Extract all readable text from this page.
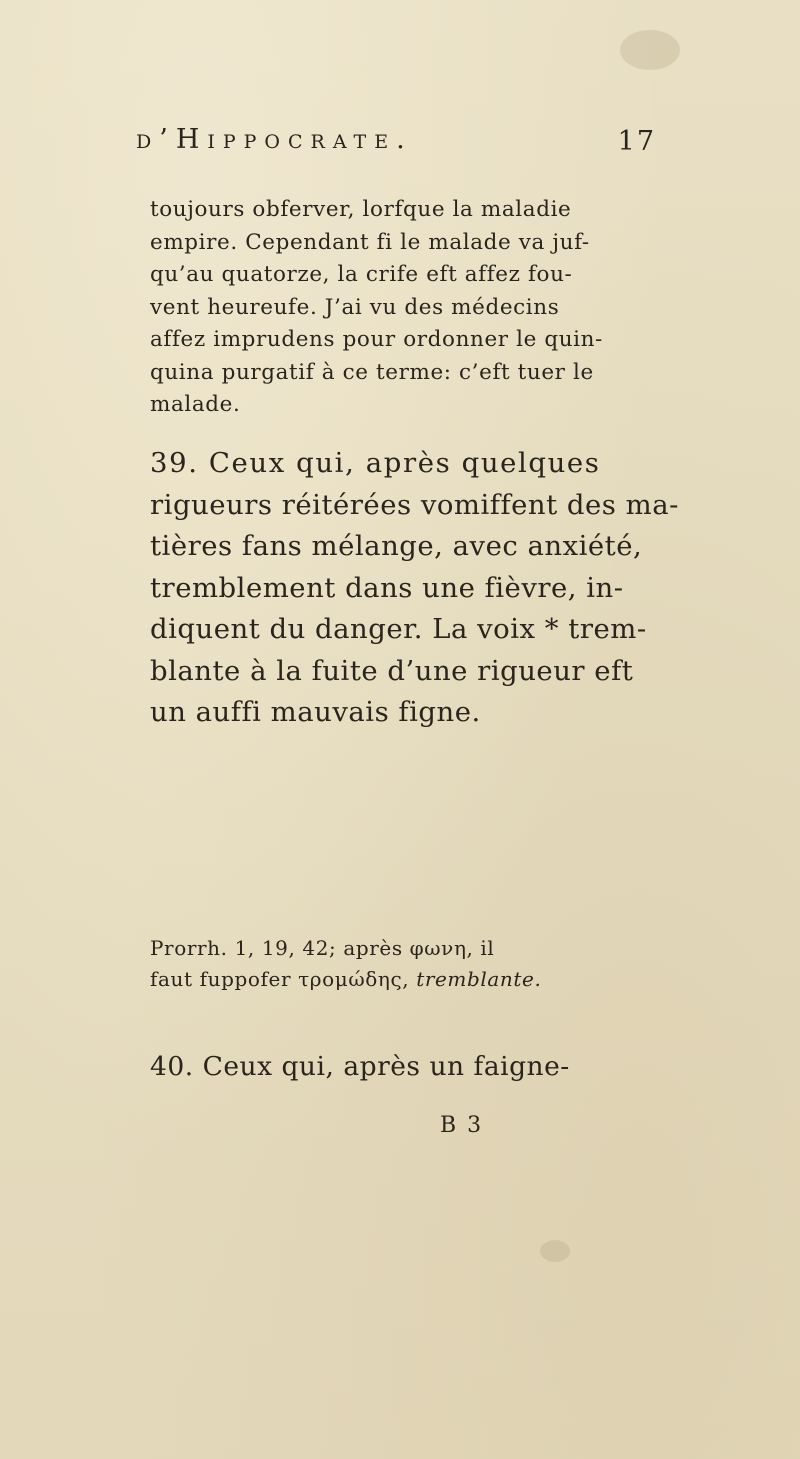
d’Hippocrate.	17
toujours obferver, lorfque la maladie
empire. Cependant fi le malade va juf-
qu’au quatorze, la crife eft affez fou-
vent heureufe. J’ai vu des médecins
affez imprudens pour ordonner le quin-
quina purgatif à ce terme: c’eft tuer le
malade.
39. Ceux qui, après quelques
rigueurs réitérées vomiffent des ma-
tières fans mélange, avec anxiété,
tremblement dans une fièvre, in-
diquent du danger. La voix * trem-
blante à la fuite d’une rigueur eft
un auffi mauvais figne.
Prorrh. 1, 19, 42; après φωνη, il
faut fuppofer τρομώδης, tremblante.
40. Ceux qui, après un faigne-
B 3
